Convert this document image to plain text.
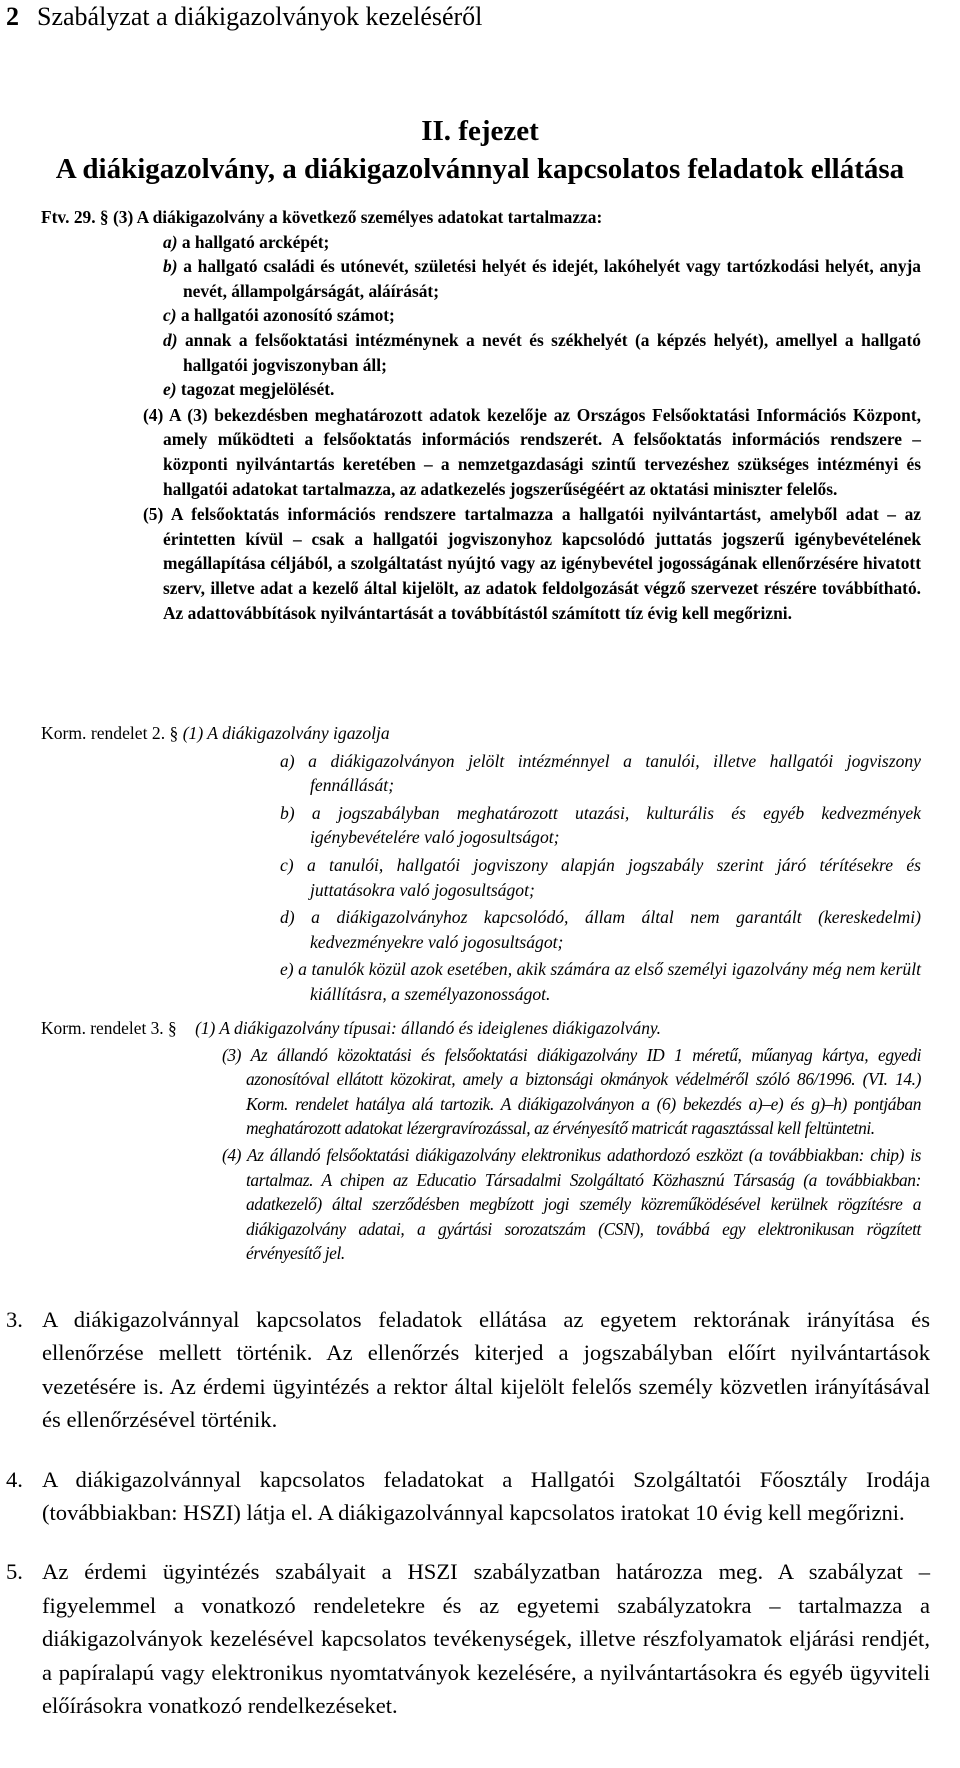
2 Szabályzat a diákigazolványok kezeléséről
II. fejezet
A diákigazolvány, a diákigazolvánnyal kapcsolatos feladatok ellátása

Ftv. 29. § (3) A diákigazolvány a következő személyes adatokat tartalmazza:

a) a hallgató arcképét;

b) a hallgató családi és utónevét, születési helyét és idejét, lakóhelyét vagy tartózkodási helyét, anyja nevét, állampolgárságát, aláírását;

c) a hallgatói azonosító számot;

d) annak a felsőoktatási intézménynek a nevét és székhelyét (a képzés helyét), amellyel a hallgató hallgatói jogviszonyban áll;

e) tagozat megjelölését.

(4) A (3) bekezdésben meghatározott adatok kezelője az Országos Felsőoktatási Információs Központ, amely működteti a felsőoktatás információs rendszerét. A felsőoktatás információs rendszere – központi nyilvántartás keretében – a nemzetgazdasági szintű tervezéshez szükséges intézményi és hallgatói adatokat tartalmazza, az adatkezelés jogszerűségéért az oktatási miniszter felelős.

(5) A felsőoktatás információs rendszere tartalmazza a hallgatói nyilvántartást, amelyből adat – az érintetten kívül – csak a hallgatói jogviszonyhoz kapcsolódó juttatás jogszerű igénybevételének megállapítása céljából, a szolgáltatást nyújtó vagy az igénybevétel jogosságának ellenőrzésére hivatott szerv, illetve adat a kezelő által kijelölt, az adatok feldolgozását végző szervezet részére továbbítható. Az adattovábbítások nyilvántartását a továbbítástól számított tíz évig kell megőrizni.

Korm. rendelet 2. § (1) A diákigazolvány igazolja

a) a diákigazolványon jelölt intézménnyel a tanulói, illetve hallgatói jogviszony fennállását;

b) a jogszabályban meghatározott utazási, kulturális és egyéb kedvezmények igénybevételére való jogosultságot;

c) a tanulói, hallgatói jogviszony alapján jogszabály szerint járó térítésekre és juttatásokra való jogosultságot;

d) a diákigazolványhoz kapcsolódó, állam által nem garantált (kereskedelmi) kedvezményekre való jogosultságot;

e) a tanulók közül azok esetében, akik számára az első személyi igazolvány még nem került kiállításra, a személyazonosságot.

Korm. rendelet 3. § (1) A diákigazolvány típusai: állandó és ideiglenes diákigazolvány.

(3) Az állandó közoktatási és felsőoktatási diákigazolvány ID 1 méretű, műanyag kártya, egyedi azonosítóval ellátott közokirat, amely a biztonsági okmányok védelméről szóló 86/1996. (VI. 14.) Korm. rendelet hatálya alá tartozik. A diákigazolványon a (6) bekezdés a)–e) és g)–h) pontjában meghatározott adatokat lézergravírozással, az érvényesítő matricát ragasztással kell feltüntetni.

(4) Az állandó felsőoktatási diákigazolvány elektronikus adathordozó eszközt (a továbbiakban: chip) is tartalmaz. A chipen az Educatio Társadalmi Szolgáltató Közhasznú Társaság (a továbbiakban: adatkezelő) által szerződésben megbízott jogi személy közreműködésével kerülnek rögzítésre a diákigazolvány adatai, a gyártási sorozatszám (CSN), továbbá egy elektronikusan rögzített érvényesítő jel.

3. A diákigazolvánnyal kapcsolatos feladatok ellátása az egyetem rektorának irányítása és ellenőrzése mellett történik. Az ellenőrzés kiterjed a jogszabályban előírt nyilvántartások vezetésére is. Az érdemi ügyintézés a rektor által kijelölt felelős személy közvetlen irányításával és ellenőrzésével történik.
4. A diákigazolvánnyal kapcsolatos feladatokat a Hallgatói Szolgáltatói Főosztály Irodája (továbbiakban: HSZI) látja el. A diákigazolvánnyal kapcsolatos iratokat 10 évig kell megőrizni.
5. Az érdemi ügyintézés szabályait a HSZI szabályzatban határozza meg. A szabályzat – figyelemmel a vonatkozó rendeletekre és az egyetemi szabályzatokra – tartalmazza a diákigazolványok kezelésével kapcsolatos tevékenységek, illetve részfolyamatok eljárási rendjét, a papíralapú vagy elektronikus nyomtatványok kezelésére, a nyilvántartásokra és egyéb ügyviteli előírásokra vonatkozó rendelkezéseket.
